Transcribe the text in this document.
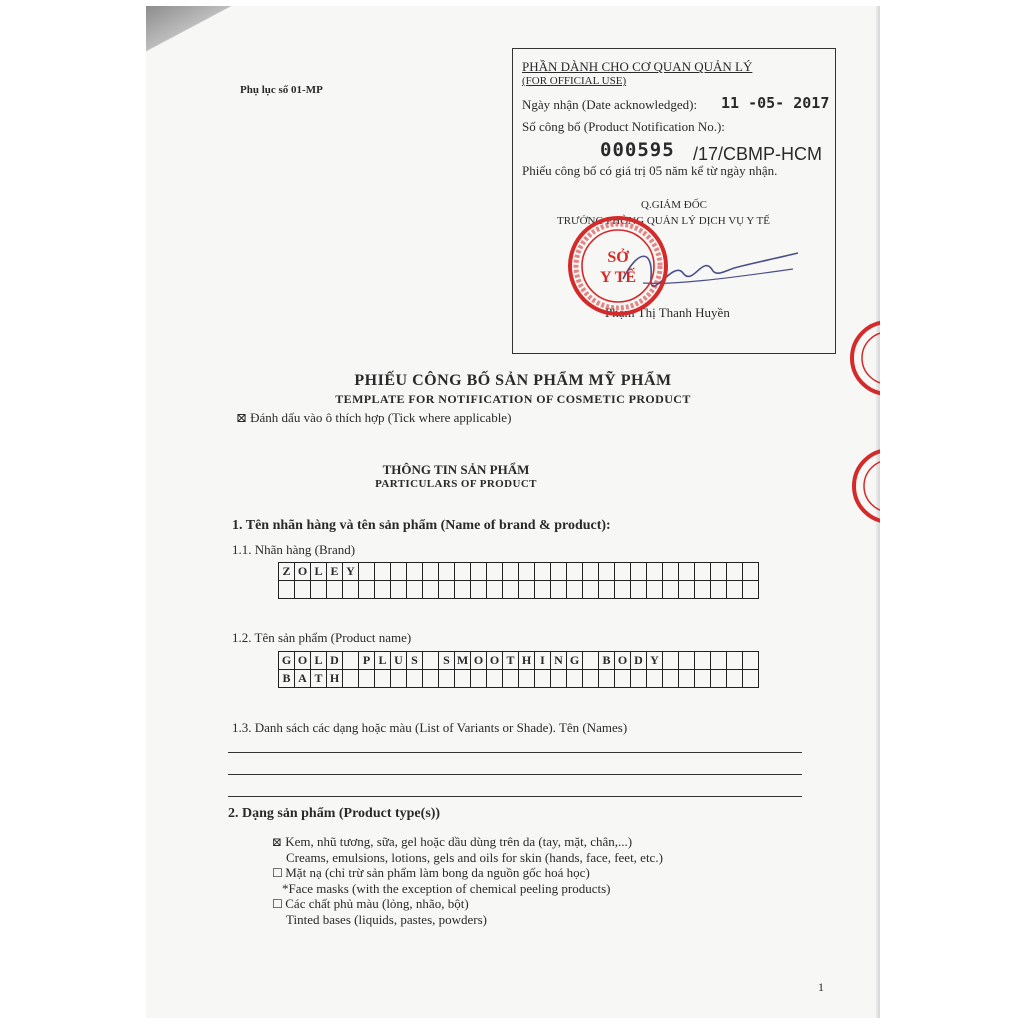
Phụ lục số 01-MP
PHẦN DÀNH CHO CƠ QUAN QUẢN LÝ
(FOR OFFICIAL USE)
Ngày nhận (Date acknowledged): 11 -05- 2017
Số công bố (Product Notification No.):
000595 /17/CBMP-HCM
Phiếu công bố có giá trị 05 năm kể từ ngày nhận.
Q.GIÁM ĐỐC
TRƯỞNG PHÒNG QUẢN LÝ DỊCH VỤ Y TẾ
Phạm Thị Thanh Huyền
SỞ
Y TẾ
PHIẾU CÔNG BỐ SẢN PHẨM MỸ PHẨM
TEMPLATE FOR NOTIFICATION OF COSMETIC PRODUCT
⊠ Đánh dấu vào ô thích hợp (Tick where applicable)
THÔNG TIN SẢN PHẨM
PARTICULARS OF PRODUCT
1. Tên nhãn hàng và tên sản phẩm (Name of brand & product):
1.1. Nhãn hàng (Brand)
Z O L E Y
1.2. Tên sản phẩm (Product name)
G O L D	P L U S	S M O O T H I N G	B O D Y
B A T H
1.3. Danh sách các dạng hoặc màu (List of Variants or Shade). Tên (Names)
2. Dạng sản phẩm (Product type(s))
⊠ Kem, nhũ tương, sữa, gel hoặc dầu dùng trên da (tay, mặt, chân,...)
Creams, emulsions, lotions, gels and oils for skin (hands, face, feet, etc.)
☐ Mặt nạ (chỉ trừ sản phẩm làm bong da nguồn gốc hoá học)
*Face masks (with the exception of chemical peeling products)
☐ Các chất phủ màu (lỏng, nhão, bột)
Tinted bases (liquids, pastes, powders)
1
